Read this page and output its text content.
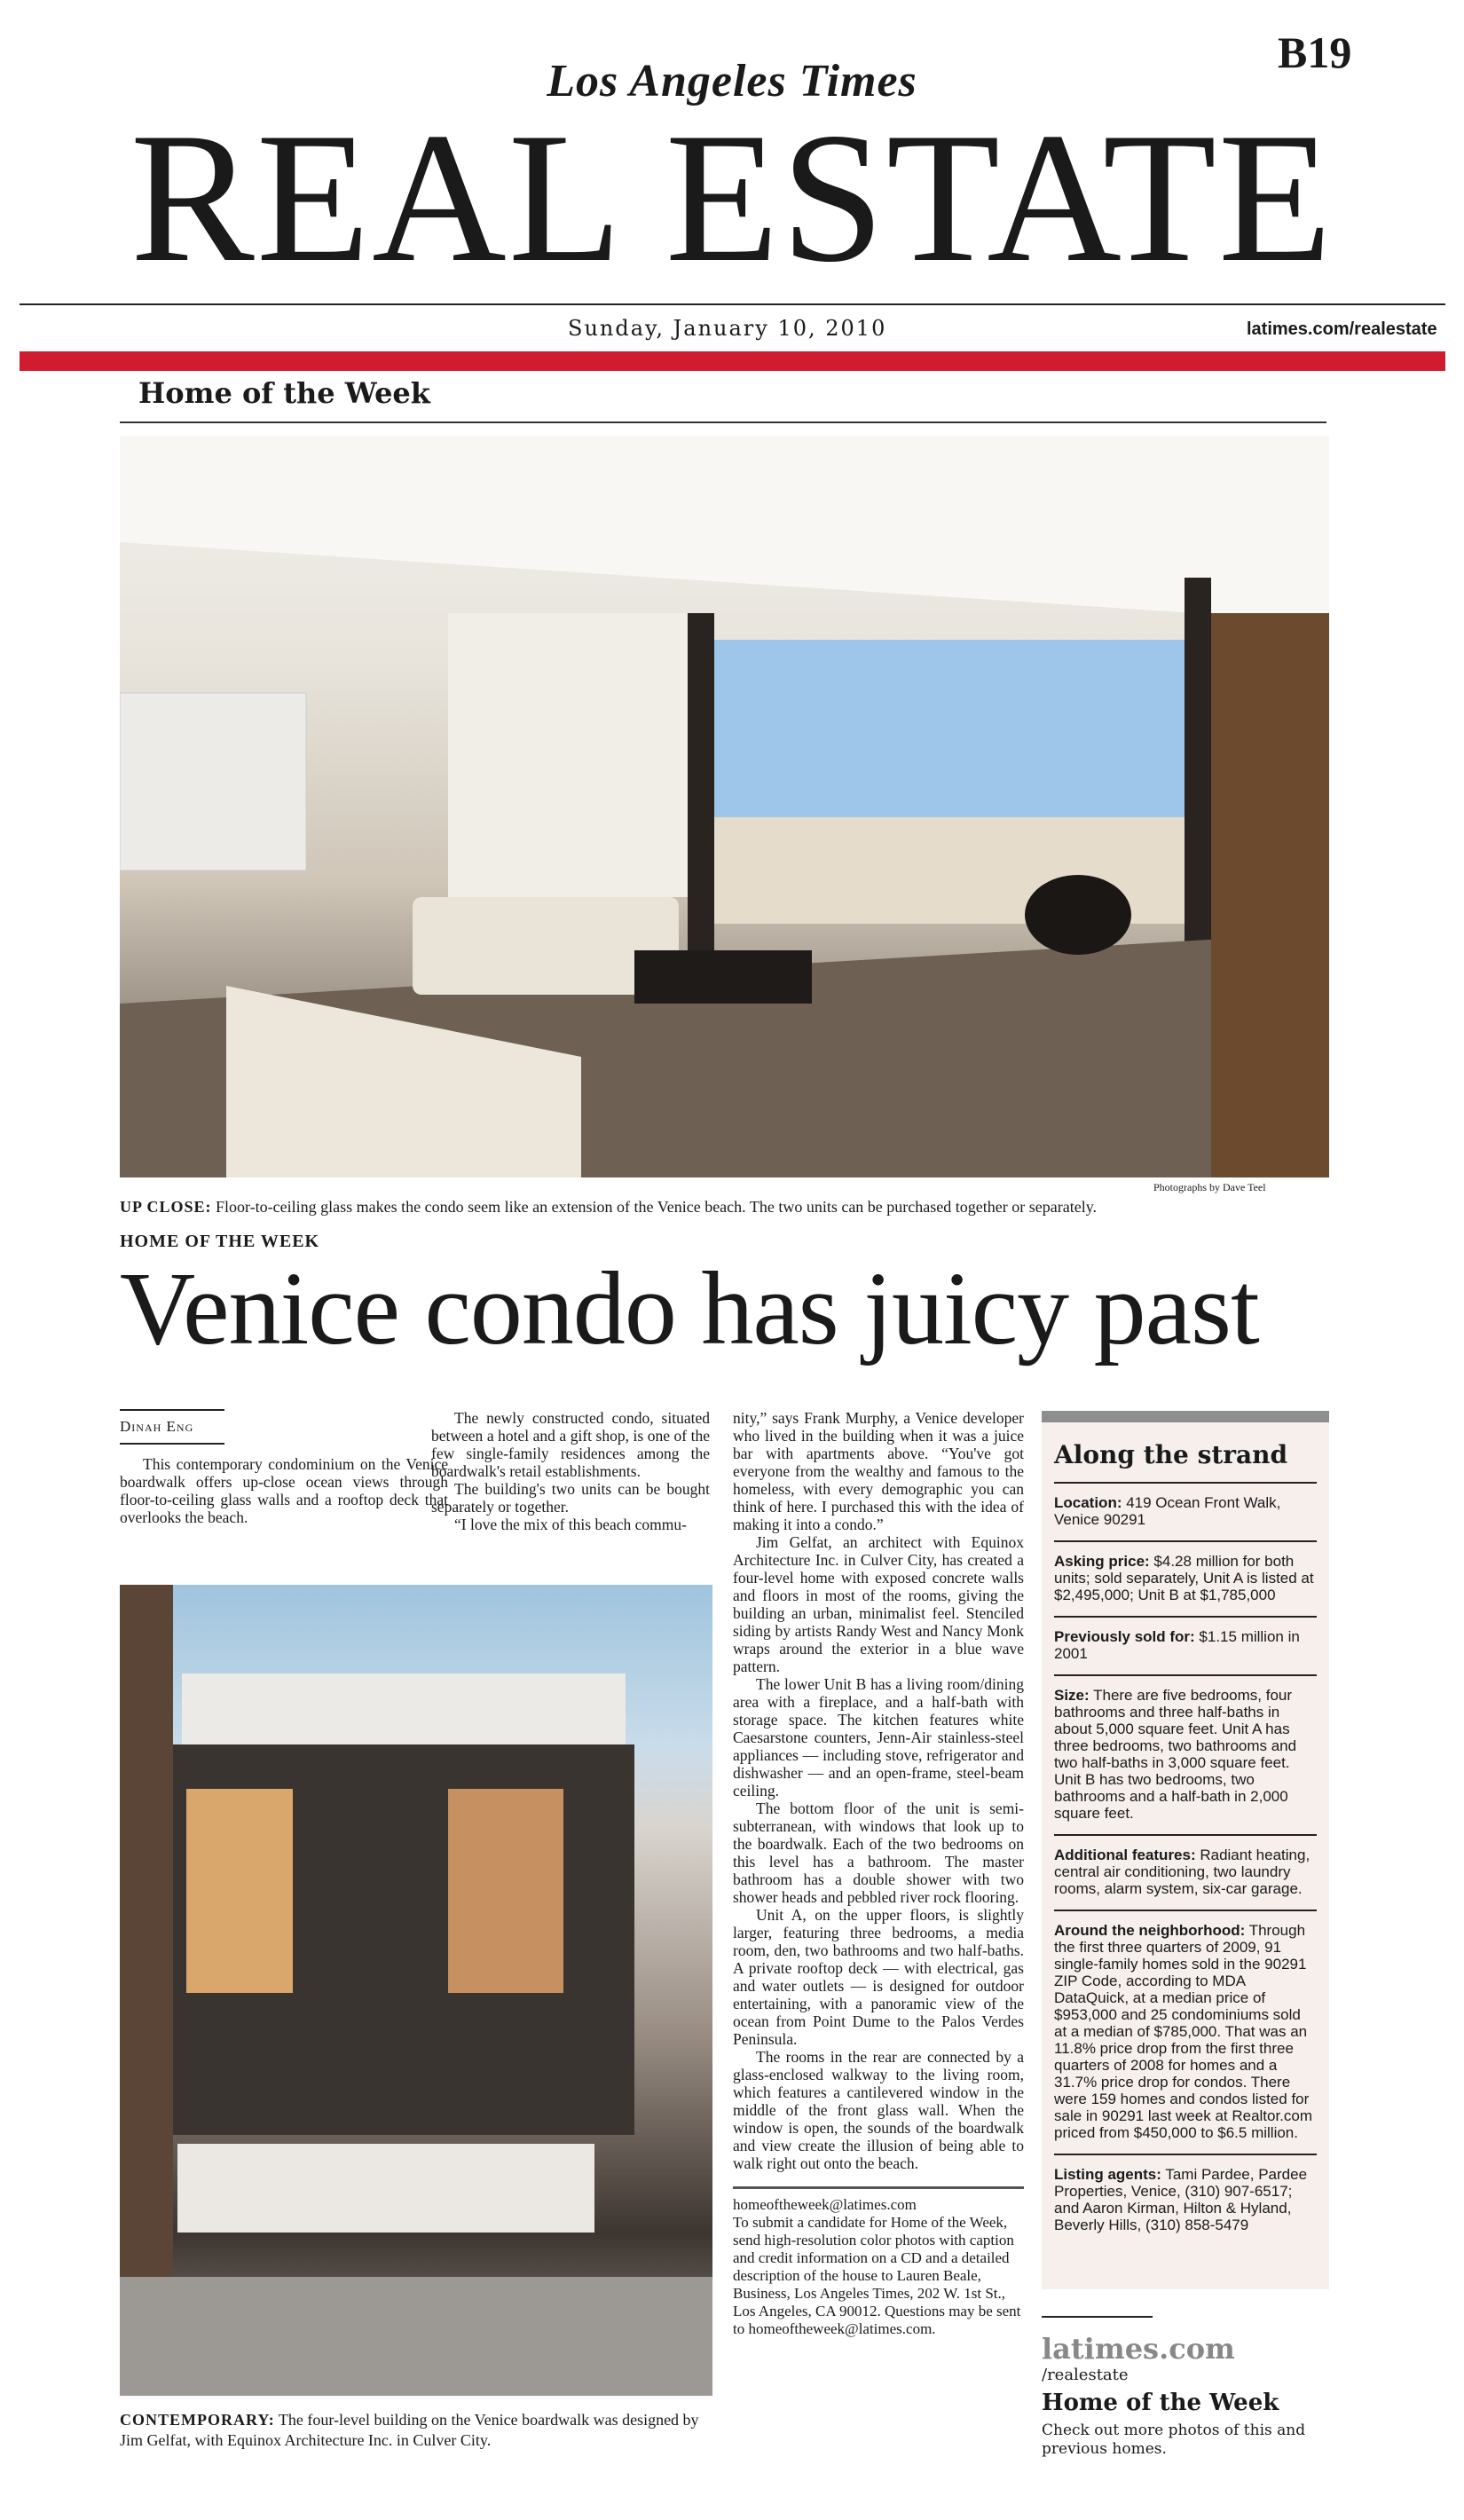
B19
Los Angeles Times
REAL ESTATE
Sunday, January 10, 2010	latimes.com/realestate
Home of the Week
Photographs by Dave Teel
UP CLOSE: Floor-to-ceiling glass makes the condo seem like an extension of the Venice beach. The two units can be purchased together or separately.
HOME OF THE WEEK
Venice condo has juicy past
Dinah Eng

This contemporary condominium on the Venice boardwalk offers up-close ocean views through floor-to-ceiling glass walls and a rooftop deck that overlooks the beach.

The newly constructed condo, situated between a hotel and a gift shop, is one of the few single-family residences among the boardwalk's retail establishments.

The building's two units can be bought separately or together.

“I love the mix of this beach commu-

nity,” says Frank Murphy, a Venice developer who lived in the building when it was a juice bar with apartments above. “You've got everyone from the wealthy and famous to the homeless, with every demographic you can think of here. I purchased this with the idea of making it into a condo.”

Jim Gelfat, an architect with Equinox Architecture Inc. in Culver City, has created a four-level home with exposed concrete walls and floors in most of the rooms, giving the building an urban, minimalist feel. Stenciled siding by artists Randy West and Nancy Monk wraps around the exterior in a blue wave pattern.

The lower Unit B has a living room/dining area with a fireplace, and a half-bath with storage space. The kitchen features white Caesarstone counters, Jenn-Air stainless-steel appliances — including stove, refrigerator and dishwasher — and an open-frame, steel-beam ceiling.

The bottom floor of the unit is semi-subterranean, with windows that look up to the boardwalk. Each of the two bedrooms on this level has a bathroom. The master bathroom has a double shower with two shower heads and pebbled river rock flooring.

Unit A, on the upper floors, is slightly larger, featuring three bedrooms, a media room, den, two bathrooms and two half-baths. A private rooftop deck — with electrical, gas and water outlets — is designed for outdoor entertaining, with a panoramic view of the ocean from Point Dume to the Palos Verdes Peninsula.

The rooms in the rear are connected by a glass-enclosed walkway to the living room, which features a cantilevered window in the middle of the front glass wall. When the window is open, the sounds of the boardwalk and view create the illusion of being able to walk right out onto the beach.

homeoftheweek@latimes.com
To submit a candidate for Home of the Week, send high-resolution color photos with caption and credit information on a CD and a detailed description of the house to Lauren Beale, Business, Los Angeles Times, 202 W. 1st St., Los Angeles, CA 90012. Questions may be sent to homeoftheweek@latimes.com.
CONTEMPORARY: The four-level building on the Venice boardwalk was designed by Jim Gelfat, with Equinox Architecture Inc. in Culver City.
Along the strand
Location: 419 Ocean Front Walk, Venice 90291
Asking price: $4.28 million for both units; sold separately, Unit A is listed at $2,495,000; Unit B at $1,785,000
Previously sold for: $1.15 million in 2001
Size: There are five bedrooms, four bathrooms and three half-baths in about 5,000 square feet. Unit A has three bedrooms, two bathrooms and two half-baths in 3,000 square feet. Unit B has two bedrooms, two bathrooms and a half-bath in 2,000 square feet.
Additional features: Radiant heating, central air conditioning, two laundry rooms, alarm system, six-car garage.
Around the neighborhood: Through the first three quarters of 2009, 91 single-family homes sold in the 90291 ZIP Code, according to MDA DataQuick, at a median price of $953,000 and 25 condominiums sold at a median of $785,000. That was an 11.8% price drop from the first three quarters of 2008 for homes and a 31.7% price drop for condos. There were 159 homes and condos listed for sale in 90291 last week at Realtor.com priced from $450,000 to $6.5 million.
Listing agents: Tami Pardee, Pardee Properties, Venice, (310) 907-6517; and Aaron Kirman, Hilton & Hyland, Beverly Hills, (310) 858-5479
latimes.com
/realestate
Home of the Week
Check out more photos of this and previous homes.
